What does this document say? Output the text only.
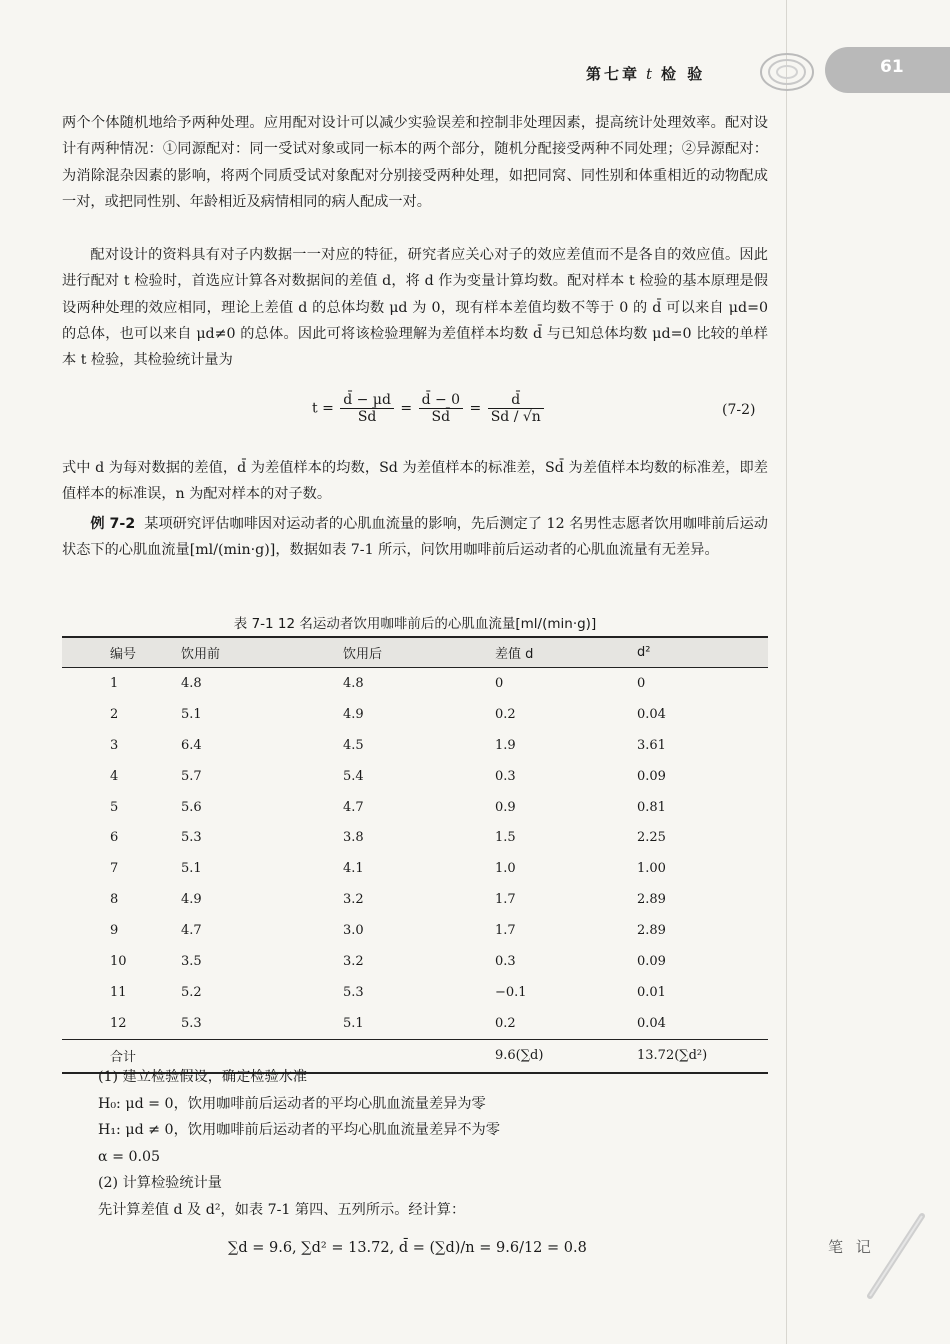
第七章 t 检 验	61

两个个体随机地给予两种处理。应用配对设计可以减少实验误差和控制非处理因素，提高统计处理效率。配对设计有两种情况：①同源配对：同一受试对象或同一标本的两个部分，随机分配接受两种不同处理；②异源配对：为消除混杂因素的影响，将两个同质受试对象配对分别接受两种处理，如把同窝、同性别和体重相近的动物配成一对，或把同性别、年龄相近及病情相同的病人配成一对。

配对设计的资料具有对子内数据一一对应的特征，研究者应关心对子的效应差值而不是各自的效应值。因此进行配对 t 检验时，首选应计算各对数据间的差值 d，将 d 作为变量计算均数。配对样本 t 检验的基本原理是假设两种处理的效应相同，理论上差值 d 的总体均数 μd 为 0，现有样本差值均数不等于 0 的 d̄ 可以来自 μd=0 的总体，也可以来自 μd≠0 的总体。因此可将该检验理解为差值样本均数 d̄ 与已知总体均数 μd=0 比较的单样本 t 检验，其检验统计量为

$t = \frac{d̄ - \mu d}{Sd̄} = \frac{d̄ - 0}{Sd̄} = \frac{d̄}{Sd / √n}$	(7-2)

式中 d 为每对数据的差值，d̄ 为差值样本的均数，Sd 为差值样本的标准差，Sd̄ 为差值样本均数的标准差，即差值样本的标准误，n 为配对样本的对子数。

例 7-2 某项研究评估咖啡因对运动者的心肌血流量的影响，先后测定了 12 名男性志愿者饮用咖啡前后运动状态下的心肌血流量[ml/(min·g)]，数据如表 7-1 所示，问饮用咖啡前后运动者的心肌血流量有无差异。

表 7-1 12 名运动者饮用咖啡前后的心肌血流量[ml/(min·g)]
编号	饮用前	饮用后	差值 d	d²
1	4.8	4.8	0	0
2	5.1	4.9	0.2	0.04
3	6.4	4.5	1.9	3.61
4	5.7	5.4	0.3	0.09
5	5.6	4.7	0.9	0.81
6	5.3	3.8	1.5	2.25
7	5.1	4.1	1.0	1.00
8	4.9	3.2	1.7	2.89
9	4.7	3.0	1.7	2.89
10	3.5	3.2	0.3	0.09
11	5.2	5.3	−0.1	0.01
12	5.3	5.1	0.2	0.04
合计			9.6(∑d)	13.72(∑d²)

(1) 建立检验假设，确定检验水准

H₀: μd = 0，饮用咖啡前后运动者的平均心肌血流量差异为零

H₁: μd ≠ 0，饮用咖啡前后运动者的平均心肌血流量差异不为零

α = 0.05

(2) 计算检验统计量

先计算差值 d 及 d²，如表 7-1 第四、五列所示。经计算：

∑d = 9.6, ∑d² = 13.72, d̄ = (∑d)/n = 9.6/12 = 0.8	笔 记
